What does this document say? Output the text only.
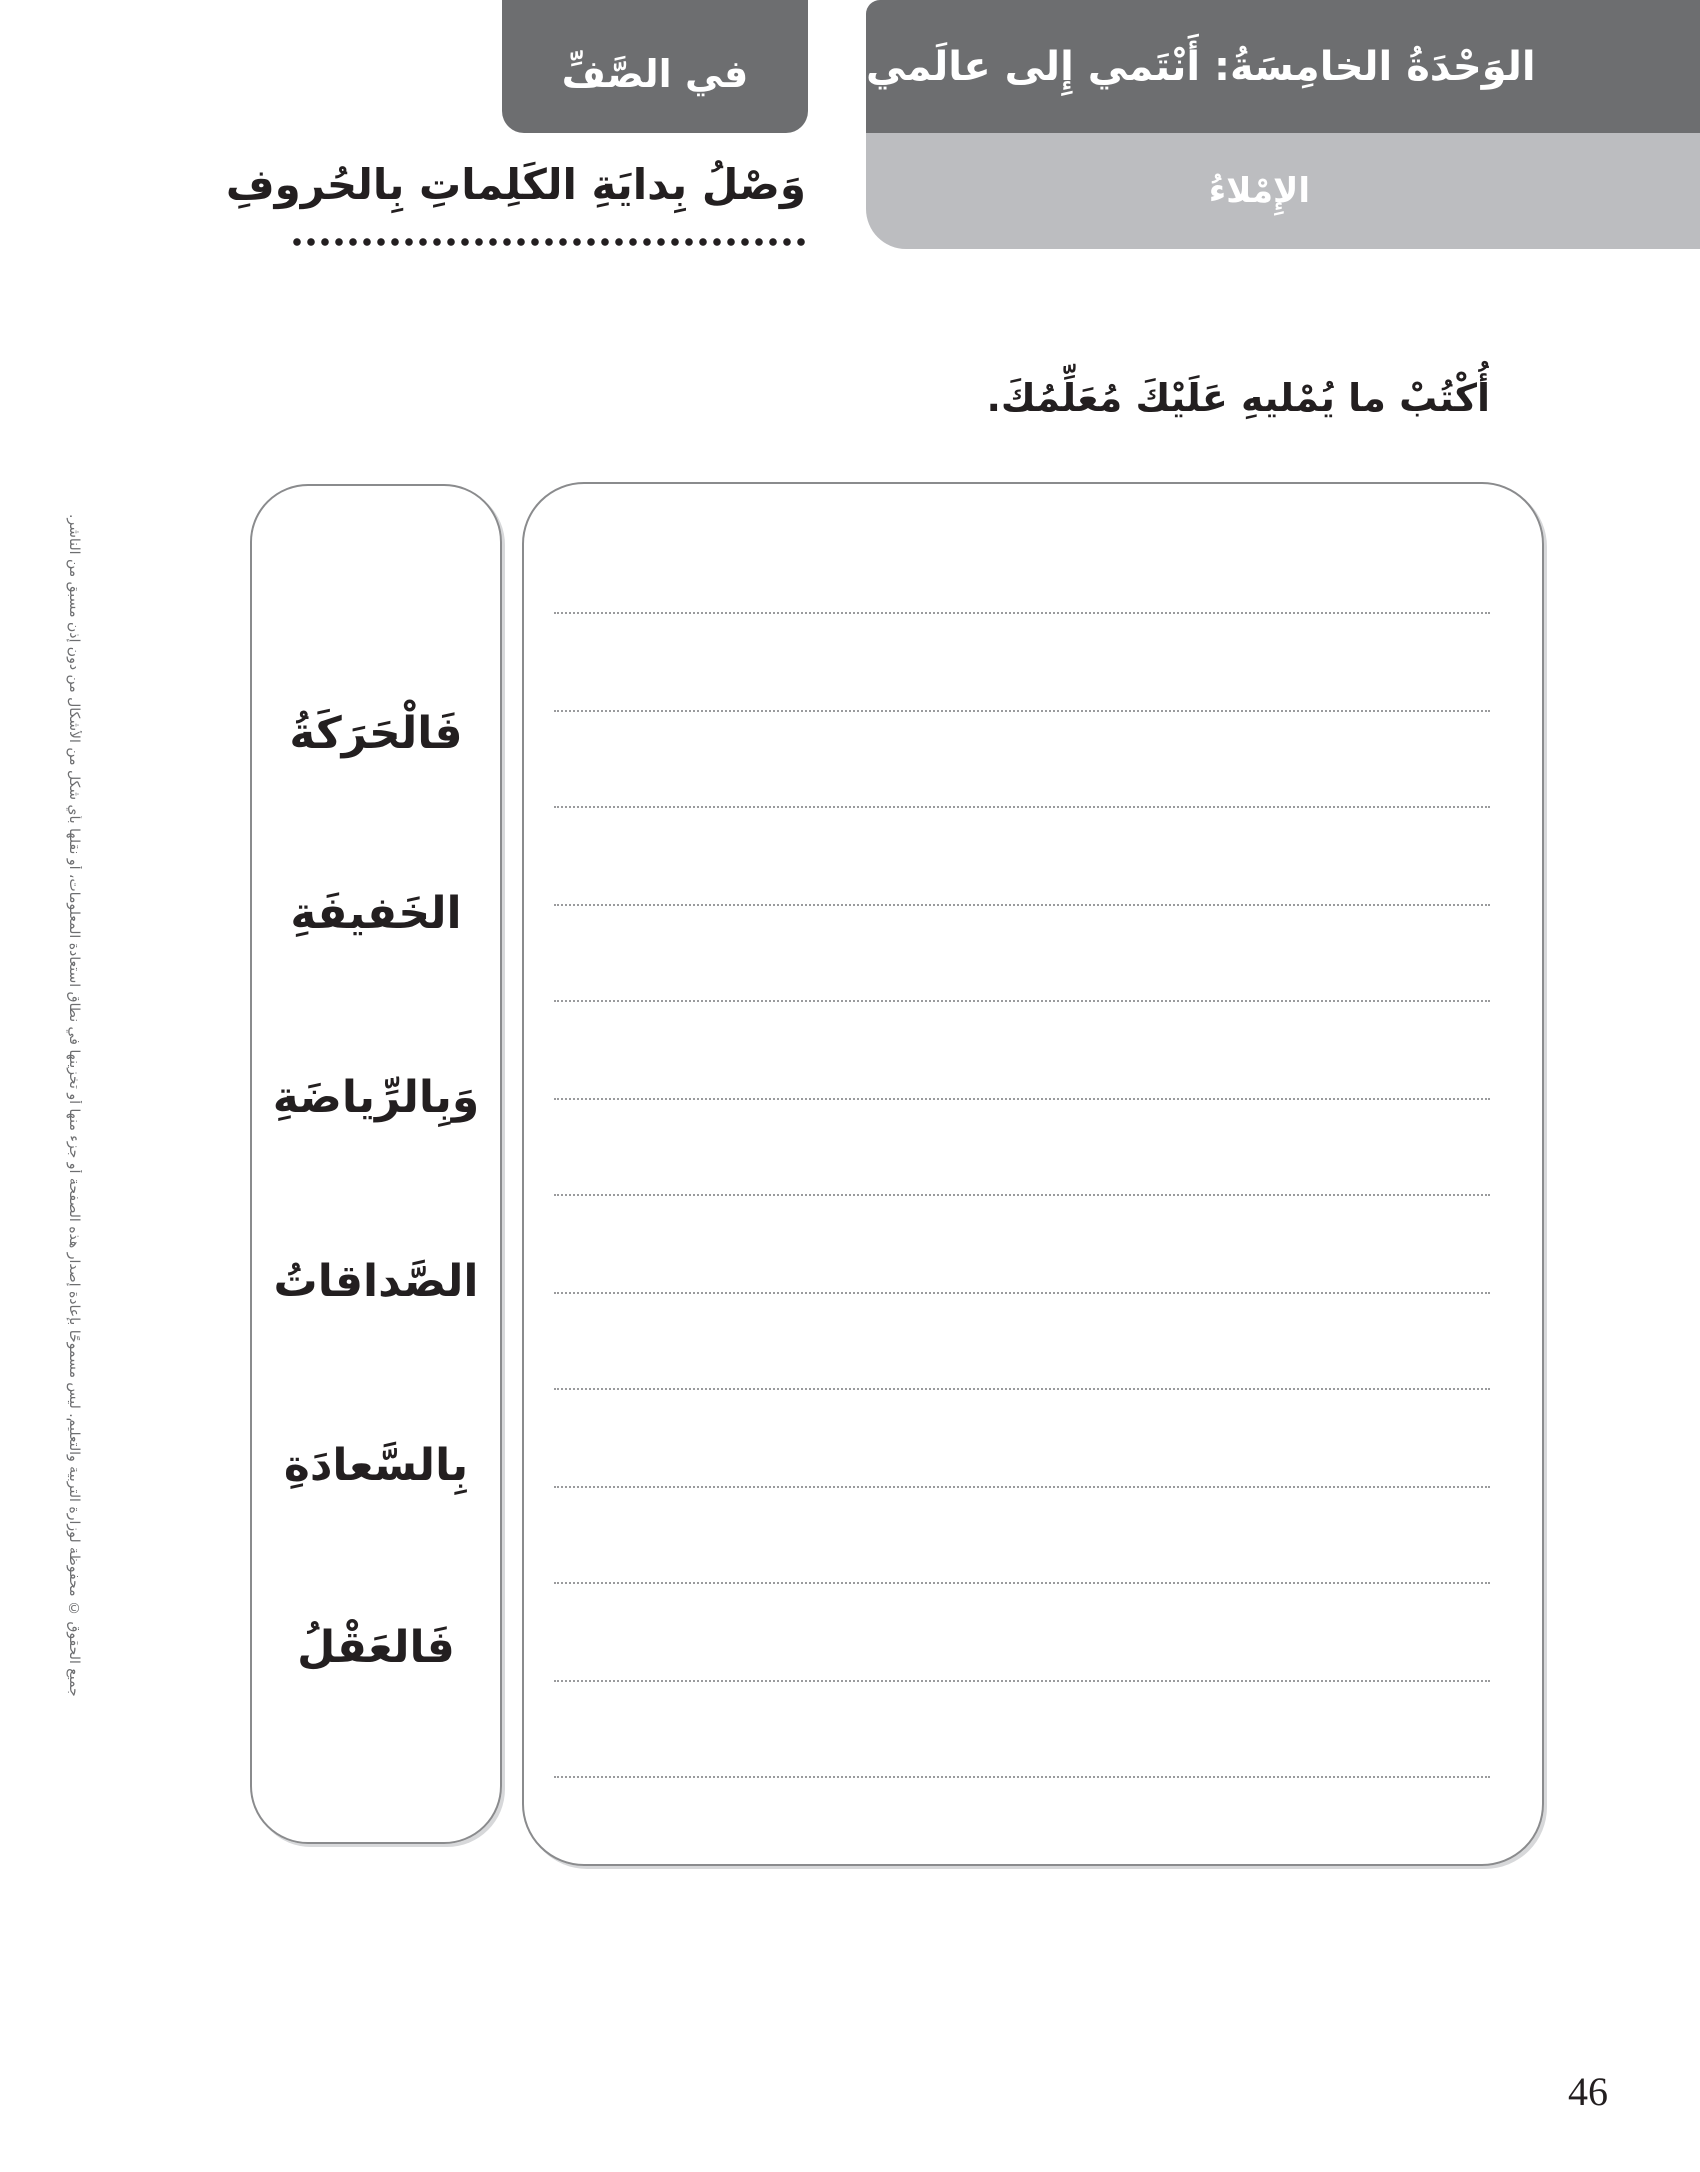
الوَحْدَةُ الخامِسَةُ: أَنْتَمي إِلى عالَمي
الإِمْلاءُ
في الصَّفِّ
وَصْلُ بِدايَةِ الكَلِماتِ بِالحُروفِ
أُكْتُبْ ما يُمْليهِ عَلَيْكَ مُعَلِّمُكَ.
فَالْحَرَكَةُ
الخَفيفَةِ
وَبِالرِّياضَةِ
الصَّداقاتُ
بِالسَّعادَةِ
فَالعَقْلُ
جميع الحقوق © محفوظة لوزارة التربية والتعليم. ليس مسموحًا بإعادة إصدار هذه الصفحة أو جزء منها أو تخزينها في نطاق استعادة المعلومات، أو نقلها بأي شكل من الأشكال من دون إذن مسبق من الناشر.
46
